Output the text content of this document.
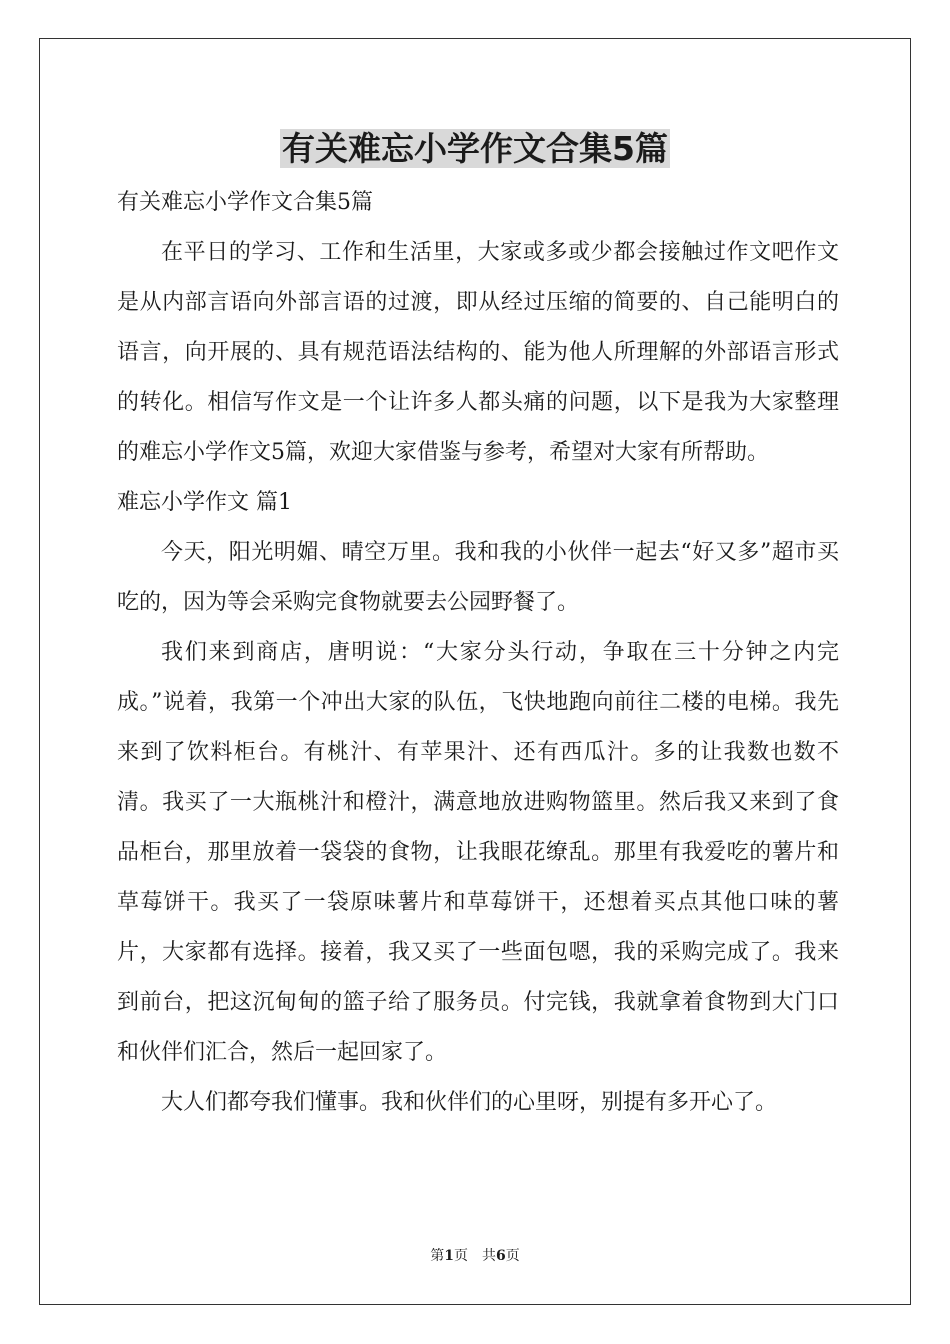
有关难忘小学作文合集5篇

有关难忘小学作文合集5篇

在平日的学习、工作和生活里，大家或多或少都会接触过作文吧作文是从内部言语向外部言语的过渡，即从经过压缩的简要的、自己能明白的语言，向开展的、具有规范语法结构的、能为他人所理解的外部语言形式的转化。相信写作文是一个让许多人都头痛的问题，以下是我为大家整理的难忘小学作文5篇，欢迎大家借鉴与参考，希望对大家有所帮助。

难忘小学作文 篇1

今天，阳光明媚、晴空万里。我和我的小伙伴一起去“好又多”超市买吃的，因为等会采购完食物就要去公园野餐了。

我们来到商店，唐明说：“大家分头行动，争取在三十分钟之内完成。”说着，我第一个冲出大家的队伍，飞快地跑向前往二楼的电梯。我先来到了饮料柜台。有桃汁、有苹果汁、还有西瓜汁。多的让我数也数不清。我买了一大瓶桃汁和橙汁，满意地放进购物篮里。然后我又来到了食品柜台，那里放着一袋袋的食物，让我眼花缭乱。那里有我爱吃的薯片和草莓饼干。我买了一袋原味薯片和草莓饼干，还想着买点其他口味的薯片，大家都有选择。接着，我又买了一些面包嗯，我的采购完成了。我来到前台，把这沉甸甸的篮子给了服务员。付完钱，我就拿着食物到大门口和伙伴们汇合，然后一起回家了。

大人们都夸我们懂事。我和伙伴们的心里呀，别提有多开心了。

第1页 共6页
